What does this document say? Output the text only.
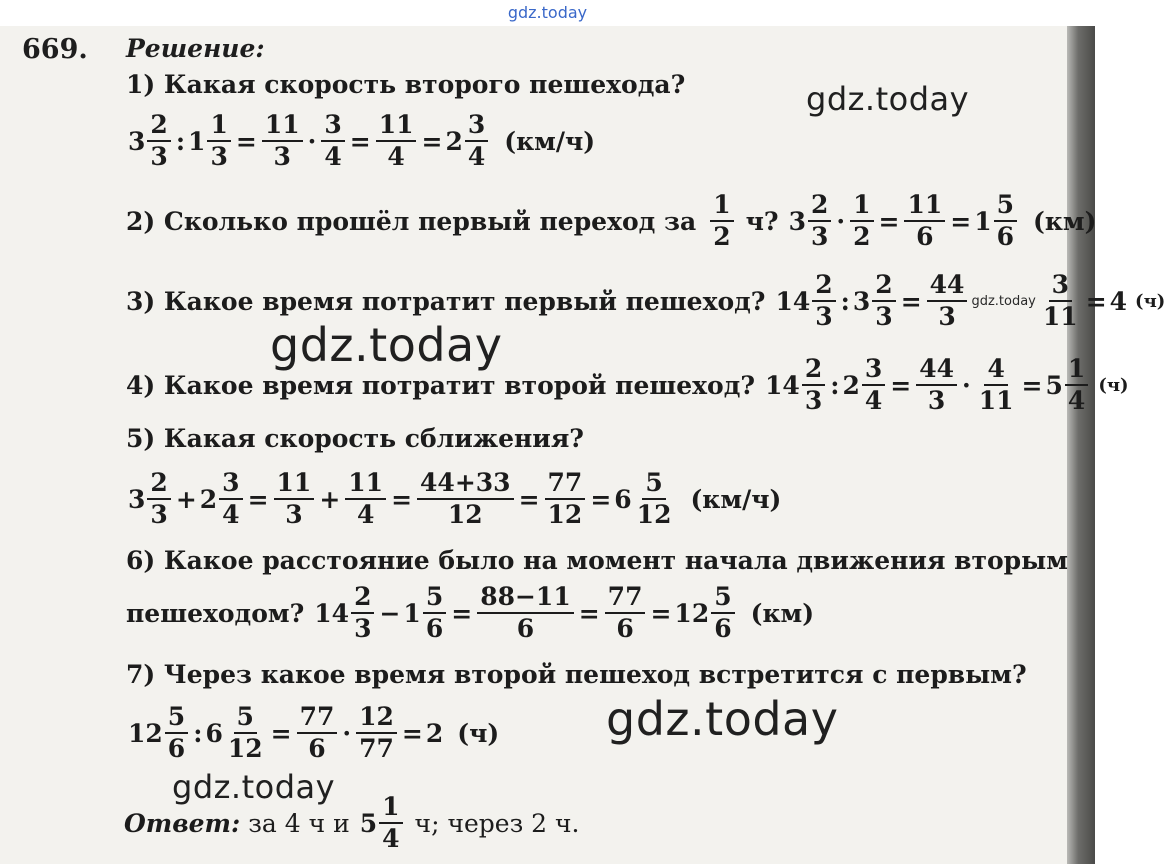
gdz.today
669. Решение:
1) Какая скорость второго пешехода?
$3 \frac{2}{3}$ : $1 \frac{1}{3} = \frac{11}{3} \cdot \frac{3}{4} = \frac{11}{4} = 2 \frac{3}{4} (км/ч)$
2) Сколько прошёл первый переход за $\frac{1}{2} ч$? $3 \frac{2}{3} \cdot \frac{1}{2} = \frac{11}{6} = 1 \frac{5}{6} (км)$
3) Какое время потратит первый пешеход? $14 \frac{2}{3}$ : $3 \frac{2}{3} = \frac{44}{3}$ gdz.today $\frac{3}{11} = 4$ (ч)
4) Какое время потратит второй пешеход? $14 \frac{2}{3}$ : $2 \frac{3}{4} = \frac{44}{3} \cdot \frac{4}{11} = 5 \frac{1}{4} (ч)$
5) Какая скорость сближения?
$3 \frac{2}{3} + 2 \frac{3}{4} = \frac{11}{3} + \frac{11}{4} = \frac{44+33}{12} = \frac{77}{12} = 6 \frac{5}{12} (км/ч)$
6) Какое расстояние было на момент начала движения вторым
пешеходом? $14 \frac{2}{3} - 1 \frac{5}{6} = \frac{88-11}{6} = \frac{77}{6} = 12 \frac{5}{6} (км)$
7) Через какое время второй пешеход встретится с первым?
$12 \frac{5}{6}$ : $6 \frac{5}{12} = \frac{77}{6} \cdot \frac{12}{77} = 2$ (ч)
Ответ: за 4 ч и $5 \frac{1}{4} ч$; через 2 ч.
gdz.today
gdz.today
gdz.today
gdz.today
